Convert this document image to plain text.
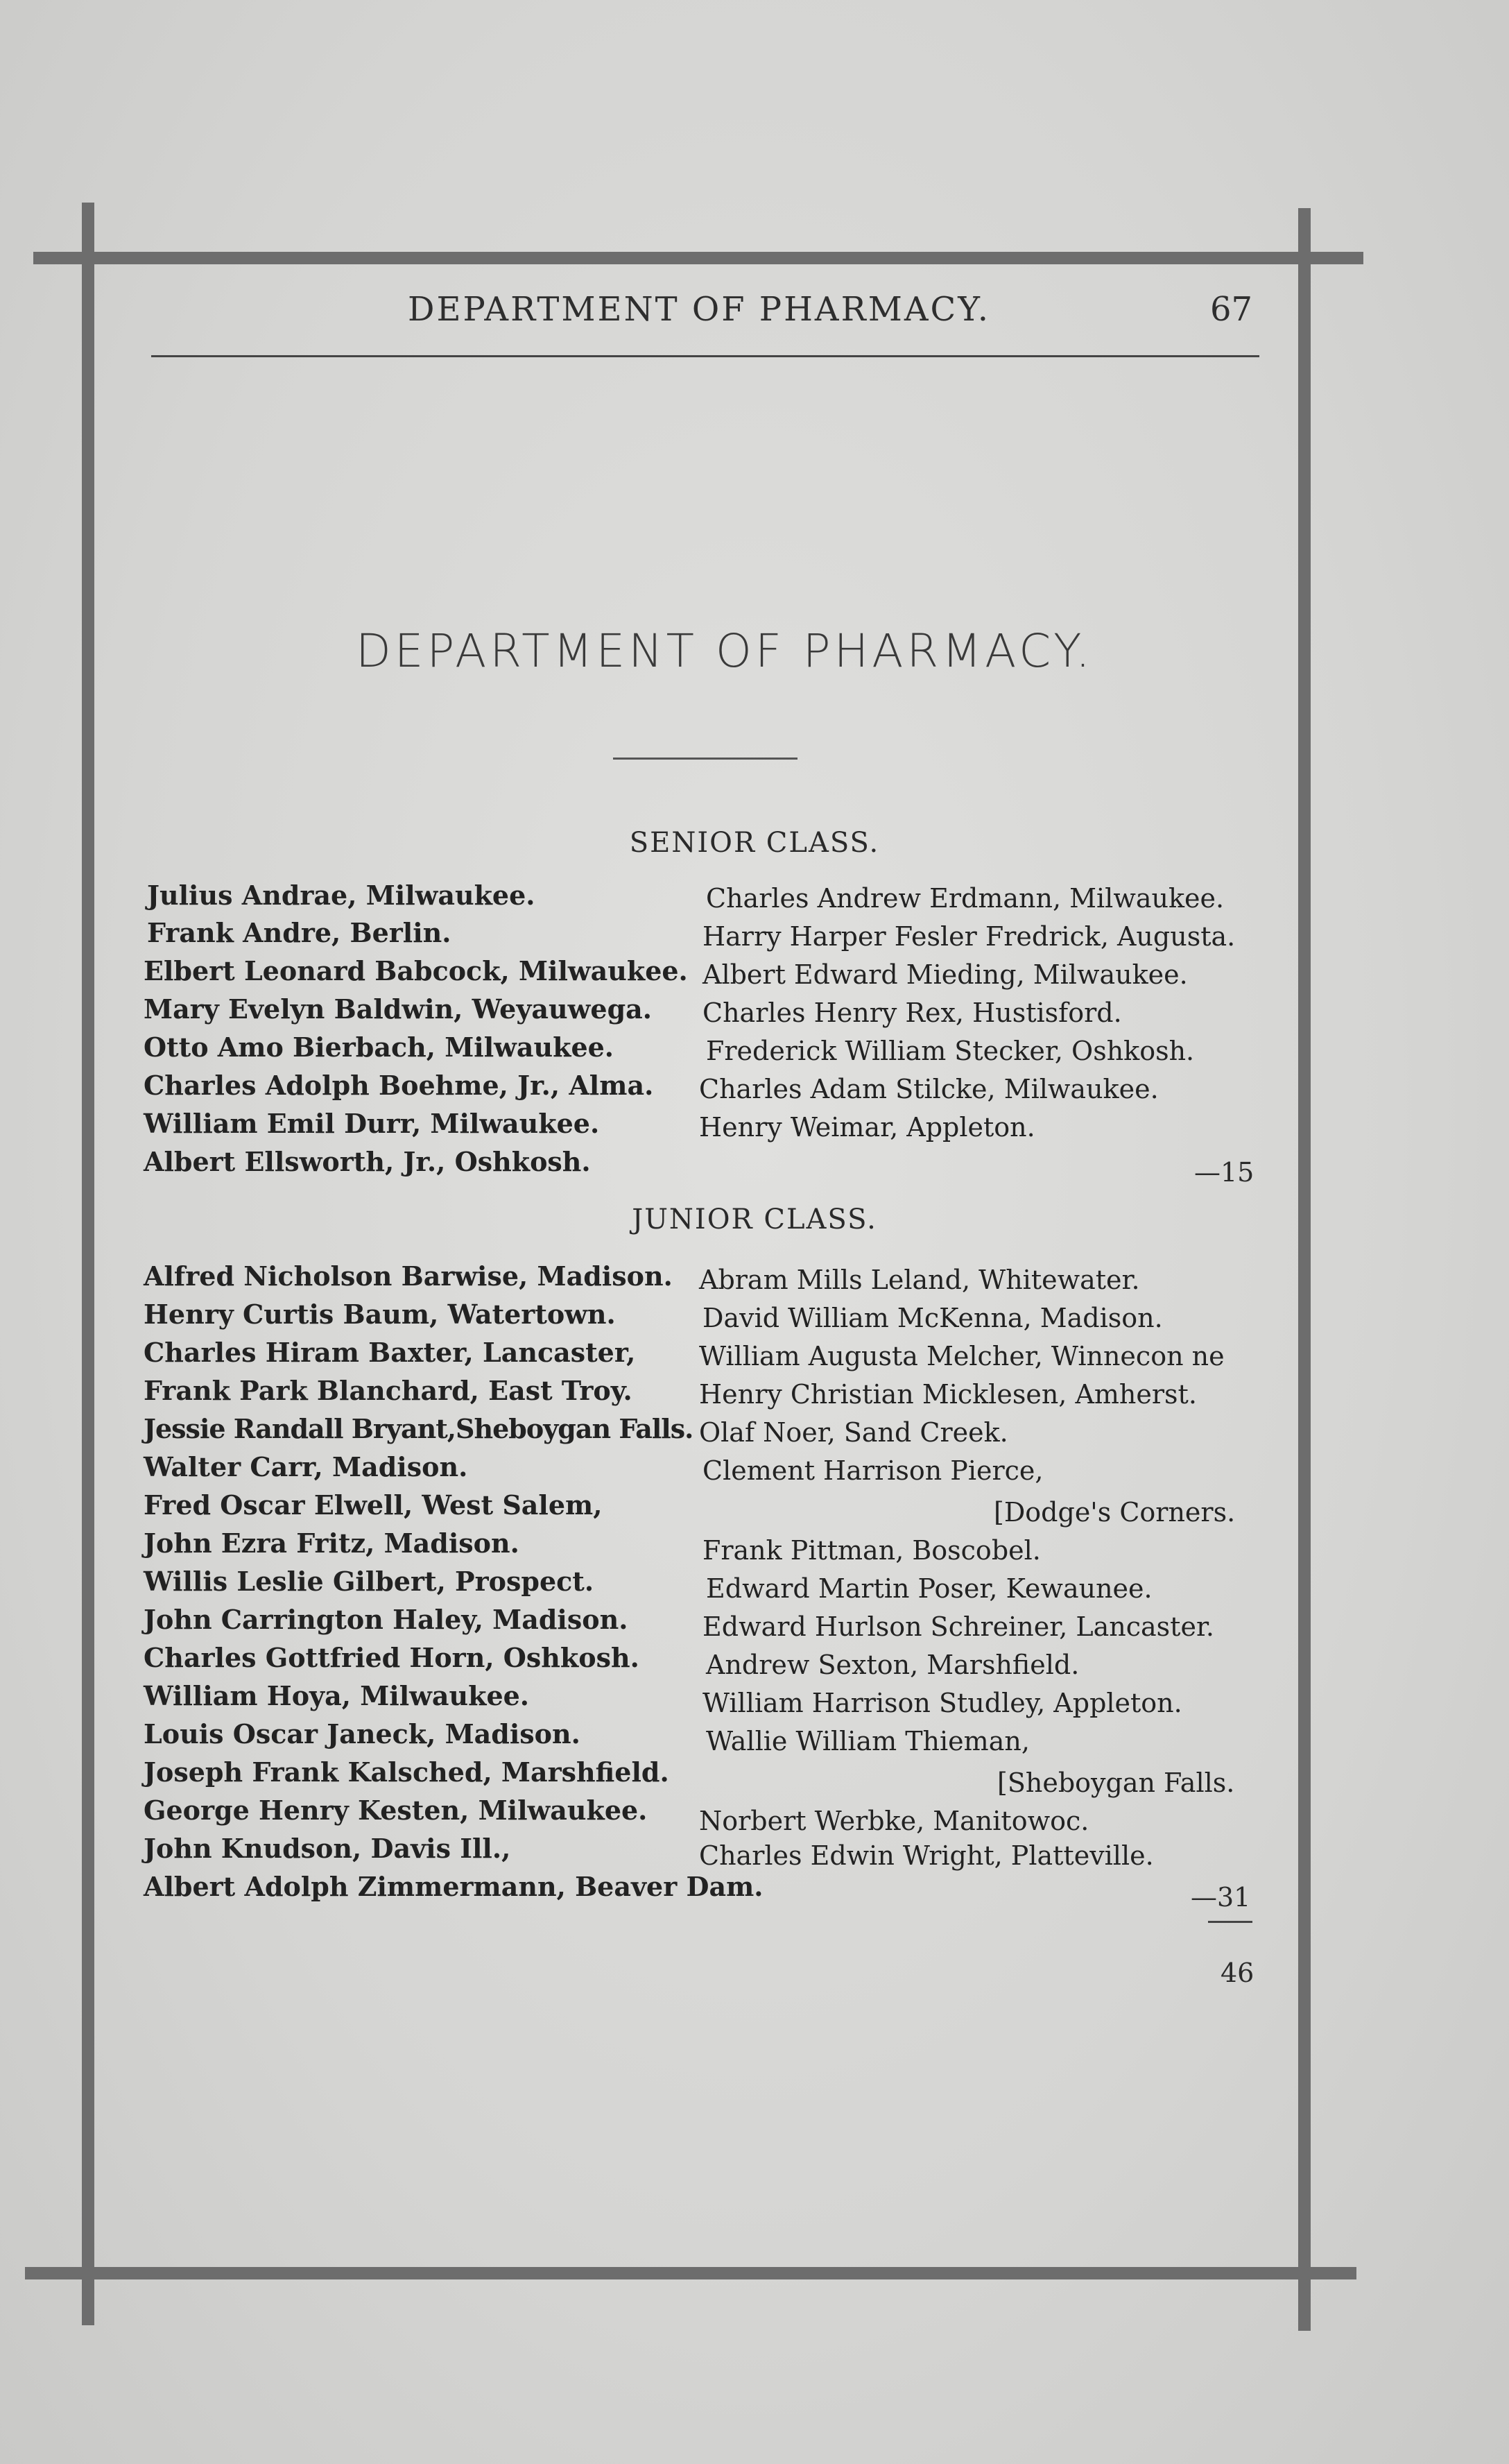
DEPARTMENT OF PHARMACY.	67
DEPARTMENT OF PHARMACY.
SENIOR CLASS.
Julius Andrae, Milwaukee.
Frank Andre, Berlin.
Elbert Leonard Babcock, Milwaukee.
Mary Evelyn Baldwin, Weyauwega.
Otto Amo Bierbach, Milwaukee.
Charles Adolph Boehme, Jr., Alma.
William Emil Durr, Milwaukee.
Albert Ellsworth, Jr., Oshkosh.
Charles Andrew Erdmann, Milwaukee.
Harry Harper Fesler Fredrick, Augusta.
Albert Edward Mieding, Milwaukee.
Charles Henry Rex, Hustisford.
Frederick William Stecker, Oshkosh.
Charles Adam Stilcke, Milwaukee.
Henry Weimar, Appleton.
—15
JUNIOR CLASS.
Alfred Nicholson Barwise, Madison.
Henry Curtis Baum, Watertown.
Charles Hiram Baxter, Lancaster,
Frank Park Blanchard, East Troy.
Jessie Randall Bryant,Sheboygan Falls.
Walter Carr, Madison.
Fred Oscar Elwell, West Salem,
John Ezra Fritz, Madison.
Willis Leslie Gilbert, Prospect.
John Carrington Haley, Madison.
Charles Gottfried Horn, Oshkosh.
William Hoya, Milwaukee.
Louis Oscar Janeck, Madison.
Joseph Frank Kalsched, Marshfield.
George Henry Kesten, Milwaukee.
John Knudson, Davis Ill.,
Albert Adolph Zimmermann, Beaver Dam.
Abram Mills Leland, Whitewater.
David William McKenna, Madison.
William Augusta Melcher, Winnecon ne
Henry Christian Micklesen, Amherst.
Olaf Noer, Sand Creek.
Clement Harrison Pierce,
[Dodge's Corners.
Frank Pittman, Boscobel.
Edward Martin Poser, Kewaunee.
Edward Hurlson Schreiner, Lancaster.
Andrew Sexton, Marshfield.
William Harrison Studley, Appleton.
Wallie William Thieman,
[Sheboygan Falls.
Norbert Werbke, Manitowoc.
Charles Edwin Wright, Platteville.
—31
46
